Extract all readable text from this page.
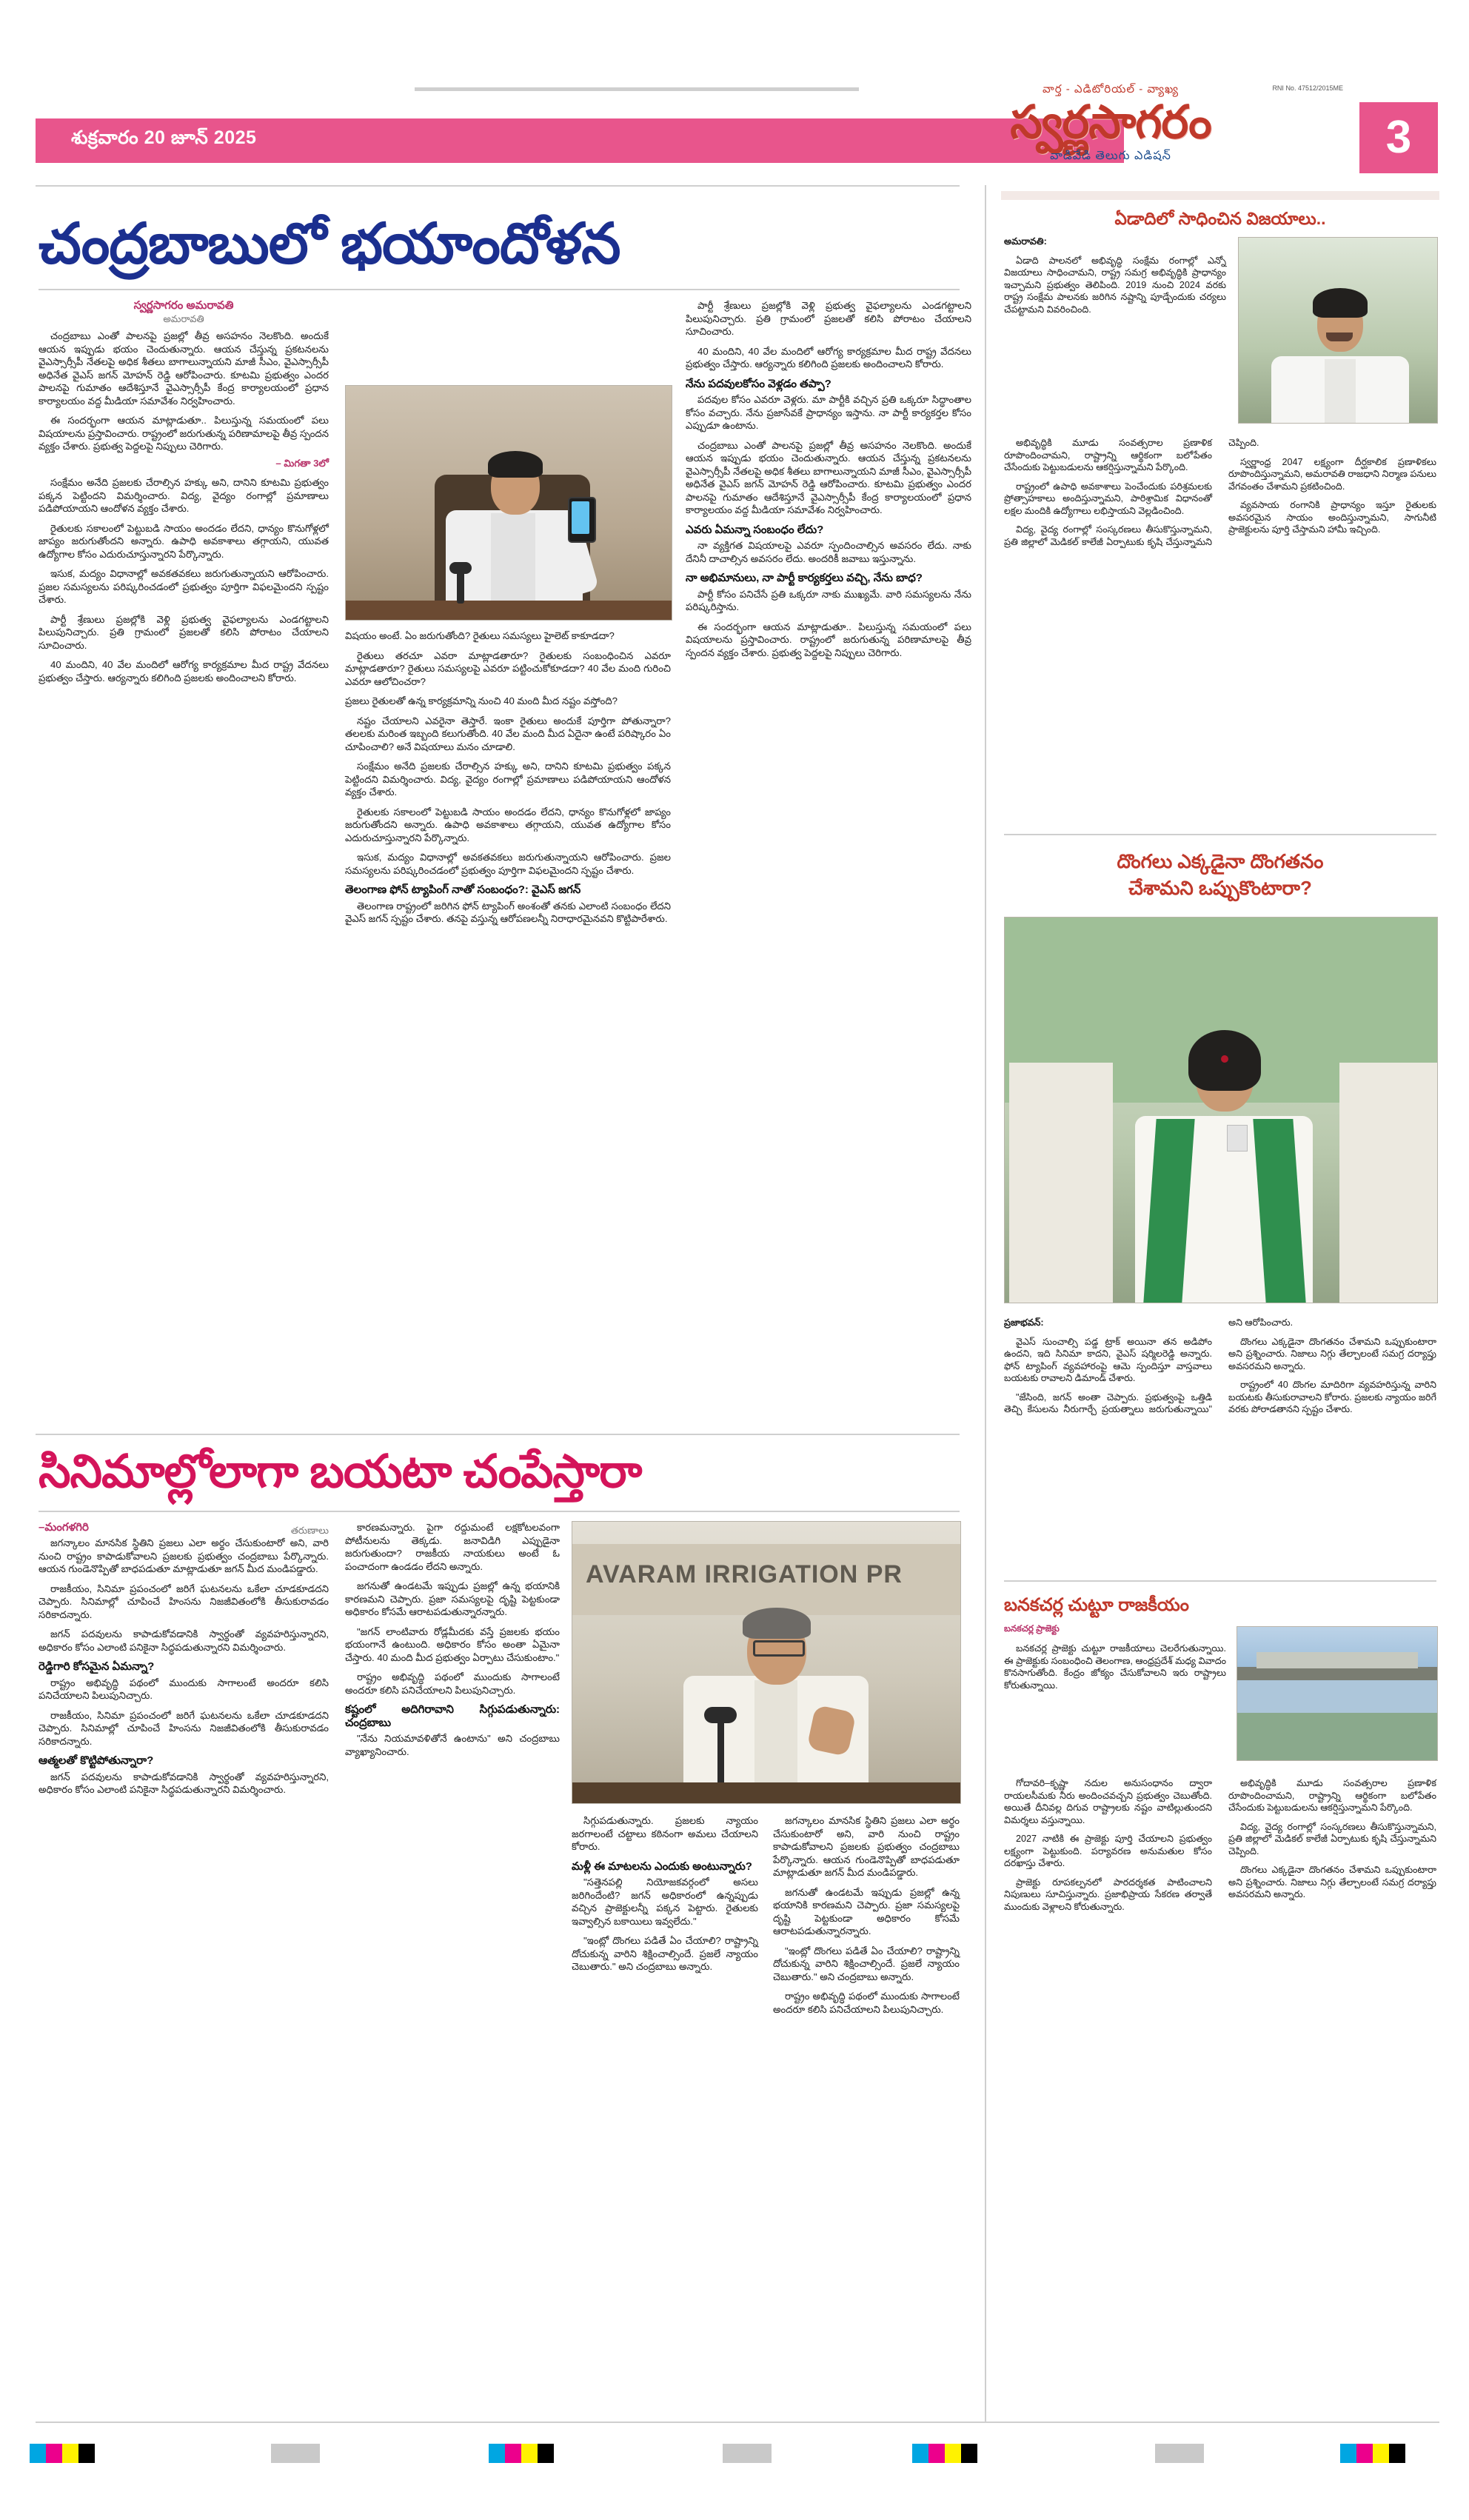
శుక్రవారం 20 జూన్ 2025
RNI No. 47512/2015ME
వార్త - ఎడిటోరియల్ - వ్యాఖ్య
స్వర్ణసాగరం
వాడివేడి తెలుగు ఎడిషన్	3
చంద్రబాబులో భయాందోళన
స్వర్ణసాగరం అమరావతి
అమరావతి

చంద్రబాబు ఎంతో పాలనపై ప్రజల్లో తీవ్ర అసహనం నెలకొంది. అందుకే ఆయన ఇప్పుడు భయం చెందుతున్నారు. ఆయన చేస్తున్న ప్రకటనలను వైఎస్సార్సీపీ నేతలపై అధిక శీతలు బాగాలున్నాయని మాజీ సీఎం, వైఎస్సార్సీపీ అధినేత వైఎస్ జగన్ మోహన్ రెడ్డి ఆరోపించారు. కూటమి ప్రభుత్వం ఎందర పాలనపై గుమాతం ఆదేశిస్తూనే వైఎస్సార్సీపీ కేంద్ర కార్యాలయంలో ప్రధాన కార్యాలయం వద్ద మీడియా సమావేశం నిర్వహించారు.

ఈ సందర్భంగా ఆయన మాట్లాడుతూ.. పిలుస్తున్న సమయంలో పలు విషయాలను ప్రస్తావించారు. రాష్ట్రంలో జరుగుతున్న పరిణామాలపై తీవ్ర స్పందన వ్యక్తం చేశారు. ప్రభుత్వ పెద్దలపై నిప్పులు చెరిగారు.

– మిగతా 3లో

సంక్షేమం అనేది ప్రజలకు చేరాల్సిన హక్కు అని, దానిని కూటమి ప్రభుత్వం పక్కన పెట్టిందని విమర్శించారు. విద్య, వైద్యం రంగాల్లో ప్రమాణాలు పడిపోయాయని ఆందోళన వ్యక్తం చేశారు.

రైతులకు సకాలంలో పెట్టుబడి సాయం అందడం లేదని, ధాన్యం కొనుగోళ్లలో జాప్యం జరుగుతోందని అన్నారు. ఉపాధి అవకాశాలు తగ్గాయని, యువత ఉద్యోగాల కోసం ఎదురుచూస్తున్నారని పేర్కొన్నారు.

ఇసుక, మద్యం విధానాల్లో అవకతవకలు జరుగుతున్నాయని ఆరోపించారు. ప్రజల సమస్యలను పరిష్కరించడంలో ప్రభుత్వం పూర్తిగా విఫలమైందని స్పష్టం చేశారు.

పార్టీ శ్రేణులు ప్రజల్లోకి వెళ్లి ప్రభుత్వ వైఫల్యాలను ఎండగట్టాలని పిలుపునిచ్చారు. ప్రతి గ్రామంలో ప్రజలతో కలిసి పోరాటం చేయాలని సూచించారు.

40 మందిని, 40 వేల మందిలో ఆరోగ్య కార్యక్రమాల మీద రాష్ట్ర వేదనలు ప్రభుత్వం చేస్తారు. ఆర్యన్నారు కలిగింది ప్రజలకు అందించాలని కోరారు.

విషయం అంటే. ఏం జరుగుతోంది? రైతులు సమస్యలు హైలెట్ కాకూడదా?

రైతులు తరచూ ఎవరా మాట్లాడతారూ? రైతులకు సంబంధించిన ఎవరూ మాట్లాడతారూ? రైతులు సమస్యలపై ఎవరూ పట్టించుకోకూడదా? 40 వేల మంది గురించి ఎవరూ ఆలోచించరా?

ప్రజలు రైతులతో ఉన్న కార్యక్రమాన్ని నుంచి 40 మంది మీద నష్టం వస్తోంది?

నష్టం చేయాలని ఎవరైనా తెస్తారే. ఇంకా రైతులు అందుకే పూర్తిగా పోతున్నారా? తలలకు మరింత ఇబ్బంది కలుగుతోంది. 40 వేల మంది మీద ఏదైనా ఉంటే పరిష్కారం ఏం చూపించాలి? అనే విషయాలు మనం చూడాలి.

సంక్షేమం అనేది ప్రజలకు చేరాల్సిన హక్కు అని, దానిని కూటమి ప్రభుత్వం పక్కన పెట్టిందని విమర్శించారు. విద్య, వైద్యం రంగాల్లో ప్రమాణాలు పడిపోయాయని ఆందోళన వ్యక్తం చేశారు.

రైతులకు సకాలంలో పెట్టుబడి సాయం అందడం లేదని, ధాన్యం కొనుగోళ్లలో జాప్యం జరుగుతోందని అన్నారు. ఉపాధి అవకాశాలు తగ్గాయని, యువత ఉద్యోగాల కోసం ఎదురుచూస్తున్నారని పేర్కొన్నారు.

ఇసుక, మద్యం విధానాల్లో అవకతవకలు జరుగుతున్నాయని ఆరోపించారు. ప్రజల సమస్యలను పరిష్కరించడంలో ప్రభుత్వం పూర్తిగా విఫలమైందని స్పష్టం చేశారు.

తెలంగాణ ఫోన్ ట్యాపింగ్ నాతో సంబంధం?: వైఎస్ జగన్

తెలంగాణ రాష్ట్రంలో జరిగిన ఫోన్ ట్యాపింగ్ అంశంతో తనకు ఎలాంటి సంబంధం లేదని వైఎస్ జగన్ స్పష్టం చేశారు. తనపై వస్తున్న ఆరోపణలన్నీ నిరాధారమైనవని కొట్టిపారేశారు.

పార్టీ శ్రేణులు ప్రజల్లోకి వెళ్లి ప్రభుత్వ వైఫల్యాలను ఎండగట్టాలని పిలుపునిచ్చారు. ప్రతి గ్రామంలో ప్రజలతో కలిసి పోరాటం చేయాలని సూచించారు.

40 మందిని, 40 వేల మందిలో ఆరోగ్య కార్యక్రమాల మీద రాష్ట్ర వేదనలు ప్రభుత్వం చేస్తారు. ఆర్యన్నారు కలిగింది ప్రజలకు అందించాలని కోరారు.

నేను పదవులకోసం వెళ్లడం తప్పా?

పదవుల కోసం ఎవరూ వెళ్లరు. మా పార్టీకి వచ్చిన ప్రతి ఒక్కరూ సిద్ధాంతాల కోసం వచ్చారు. నేను ప్రజాసేవకే ప్రాధాన్యం ఇస్తాను. నా పార్టీ కార్యకర్తల కోసం ఎప్పుడూ ఉంటాను.

చంద్రబాబు ఎంతో పాలనపై ప్రజల్లో తీవ్ర అసహనం నెలకొంది. అందుకే ఆయన ఇప్పుడు భయం చెందుతున్నారు. ఆయన చేస్తున్న ప్రకటనలను వైఎస్సార్సీపీ నేతలపై అధిక శీతలు బాగాలున్నాయని మాజీ సీఎం, వైఎస్సార్సీపీ అధినేత వైఎస్ జగన్ మోహన్ రెడ్డి ఆరోపించారు. కూటమి ప్రభుత్వం ఎందర పాలనపై గుమాతం ఆదేశిస్తూనే వైఎస్సార్సీపీ కేంద్ర కార్యాలయంలో ప్రధాన కార్యాలయం వద్ద మీడియా సమావేశం నిర్వహించారు.

ఎవరు ఏమన్నా సంబంధం లేదు?

నా వ్యక్తిగత విషయాలపై ఎవరూ స్పందించాల్సిన అవసరం లేదు. నాకు దేనినీ దాచాల్సిన అవసరం లేదు. అందరికీ జవాబు ఇస్తున్నాను.

నా అభిమానులు, నా పార్టీ కార్యకర్తలు వచ్చి, నేను బాధ?

పార్టీ కోసం పనిచేసే ప్రతి ఒక్కరూ నాకు ముఖ్యమే. వారి సమస్యలను నేను పరిష్కరిస్తాను.

ఈ సందర్భంగా ఆయన మాట్లాడుతూ.. పిలుస్తున్న సమయంలో పలు విషయాలను ప్రస్తావించారు. రాష్ట్రంలో జరుగుతున్న పరిణామాలపై తీవ్ర స్పందన వ్యక్తం చేశారు. ప్రభుత్వ పెద్దలపై నిప్పులు చెరిగారు.

సినిమాల్లోలాగా బయటా చంపేస్తారా
–మంగళగిరి	తరుణాలు

జగన్కాలం మానసిక స్థితిని ప్రజలు ఎలా అర్థం చేసుకుంటారో అని, వారి నుంచి రాష్ట్రం కాపాడుకోవాలని ప్రజలకు ప్రభుత్వం చంద్రబాబు పేర్కొన్నారు. ఆయన గుండెనొప్పితో బాధపడుతూ మాట్లాడుతూ జగన్ మీద మండిపడ్డారు.

రాజకీయం, సినిమా ప్రపంచంలో జరిగే ఘటనలను ఒకేలా చూడకూడదని చెప్పారు. సినిమాల్లో చూపించే హింసను నిజజీవితంలోకి తీసుకురావడం సరికాదన్నారు.

జగన్ పదవులను కాపాడుకోవడానికి స్వార్థంతో వ్యవహరిస్తున్నారని, అధికారం కోసం ఎలాంటి పనికైనా సిద్ధపడుతున్నారని విమర్శించారు.

రెడ్డిగారి కోసమైన ఏమన్నా?

రాష్ట్రం అభివృద్ధి పథంలో ముందుకు సాగాలంటే అందరూ కలిసి పనిచేయాలని పిలుపునిచ్చారు.

రాజకీయం, సినిమా ప్రపంచంలో జరిగే ఘటనలను ఒకేలా చూడకూడదని చెప్పారు. సినిమాల్లో చూపించే హింసను నిజజీవితంలోకి తీసుకురావడం సరికాదన్నారు.

ఆత్మలతో కొట్టిపోతున్నారా?

జగన్ పదవులను కాపాడుకోవడానికి స్వార్థంతో వ్యవహరిస్తున్నారని, అధికారం కోసం ఎలాంటి పనికైనా సిద్ధపడుతున్నారని విమర్శించారు.

కారణమన్నారు. పైగా రద్దుమంటే లక్షకోటలవంగా పోటీనులను తెక్కడు. జనావిడిగి ఎప్పుడైనా జరుగుతుందా? రాజకీయ నాయకులు అంటే ఓ పంచాదంగా ఉండడం లేదని అన్నారు.

జగనుతో ఉండటమే ఇప్పుడు ప్రజల్లో ఉన్న భయానికి కారణమని చెప్పారు. ప్రజా సమస్యలపై దృష్టి పెట్టకుండా అధికారం కోసమే ఆరాటపడుతున్నారన్నారు.

"జగన్ లాంటివారు రోడ్లమీదకు వస్తే ప్రజలకు భయం భయంగానే ఉంటుంది. అధికారం కోసం అంతా ఏమైనా చేస్తారు. 40 మంది మీద ప్రభుత్వం ఏర్పాటు చేసుకుంటాం."

రాష్ట్రం అభివృద్ధి పథంలో ముందుకు సాగాలంటే అందరూ కలిసి పనిచేయాలని పిలుపునిచ్చారు.

కష్టంలో అదిగిరావాని సిగ్గుపడుతున్నారు: చంద్రబాబు

"నేను నియమావళితోనే ఉంటాను" అని చంద్రబాబు వ్యాఖ్యానించారు.

AVARAM IRRIGATION PR

సిగ్గుపడుతున్నారు. ప్రజలకు న్యాయం జరగాలంటే చట్టాలు కఠినంగా అమలు చేయాలని కోరారు.

మళ్లీ ఈ మాటలను ఎందుకు అంటున్నారు?

"సత్తెనపల్లి నియోజకవర్గంలో అసలు జరిగిందేంటి? జగన్ అధికారంలో ఉన్నప్పుడు వచ్చిన ప్రాజెక్టులన్నీ పక్కన పెట్టారు. రైతులకు ఇవ్వాల్సిన బకాయిలు ఇవ్వలేదు."

"ఇంట్లో దొంగలు పడితే ఏం చేయాలి? రాష్ట్రాన్ని దోచుకున్న వారిని శిక్షించాల్సిందే. ప్రజలే న్యాయం చెబుతారు." అని చంద్రబాబు అన్నారు.

జగన్కాలం మానసిక స్థితిని ప్రజలు ఎలా అర్థం చేసుకుంటారో అని, వారి నుంచి రాష్ట్రం కాపాడుకోవాలని ప్రజలకు ప్రభుత్వం చంద్రబాబు పేర్కొన్నారు. ఆయన గుండెనొప్పితో బాధపడుతూ మాట్లాడుతూ జగన్ మీద మండిపడ్డారు.

జగనుతో ఉండటమే ఇప్పుడు ప్రజల్లో ఉన్న భయానికి కారణమని చెప్పారు. ప్రజా సమస్యలపై దృష్టి పెట్టకుండా అధికారం కోసమే ఆరాటపడుతున్నారన్నారు.

"ఇంట్లో దొంగలు పడితే ఏం చేయాలి? రాష్ట్రాన్ని దోచుకున్న వారిని శిక్షించాల్సిందే. ప్రజలే న్యాయం చెబుతారు." అని చంద్రబాబు అన్నారు.

రాష్ట్రం అభివృద్ధి పథంలో ముందుకు సాగాలంటే అందరూ కలిసి పనిచేయాలని పిలుపునిచ్చారు.

ఏడాదిలో సాధించిన విజయాలు..

అమరావతి:

ఏడాది పాలనలో అభివృద్ధి సంక్షేమ రంగాల్లో ఎన్నో విజయాలు సాధించామని, రాష్ట్ర సమగ్ర అభివృద్ధికి ప్రాధాన్యం ఇచ్చామని ప్రభుత్వం తెలిపింది. 2019 నుంచి 2024 వరకు రాష్ట్ర సంక్షేమ పాలనకు జరిగిన నష్టాన్ని పూడ్చేందుకు చర్యలు చేపట్టామని వివరించింది.

అభివృద్ధికి మూడు సంవత్సరాల ప్రణాళిక రూపొందించామని, రాష్ట్రాన్ని ఆర్థికంగా బలోపేతం చేసేందుకు పెట్టుబడులను ఆకర్షిస్తున్నామని పేర్కొంది.

రాష్ట్రంలో ఉపాధి అవకాశాలు పెంచేందుకు పరిశ్రమలకు ప్రోత్సాహకాలు అందిస్తున్నామని, పారిశ్రామిక విధానంతో లక్షల మందికి ఉద్యోగాలు లభిస్తాయని వెల్లడించింది.

విద్య, వైద్య రంగాల్లో సంస్కరణలు తీసుకొస్తున్నామని, ప్రతి జిల్లాలో మెడికల్ కాలేజీ ఏర్పాటుకు కృషి చేస్తున్నామని చెప్పింది.

స్వర్ణాంధ్ర 2047 లక్ష్యంగా దీర్ఘకాలిక ప్రణాళికలు రూపొందిస్తున్నామని, అమరావతి రాజధాని నిర్మాణ పనులు వేగవంతం చేశామని ప్రకటించింది.

వ్యవసాయ రంగానికి ప్రాధాన్యం ఇస్తూ రైతులకు అవసరమైన సాయం అందిస్తున్నామని, సాగునీటి ప్రాజెక్టులను పూర్తి చేస్తామని హామీ ఇచ్చింది.

దొంగలు ఎక్కడైనా దొంగతనం
చేశామని ఒప్పుకొంటారా?

ప్రజాభవన్:

వైఎస్ సుంచాల్సి పడ్డ ట్రాక్ అయినా తన అడిపోం ఉందని, ఇది సినిమా కాదని, వైఎస్ షర్మిలరెడ్డి అన్నారు. ఫోన్ ట్యాపింగ్ వ్యవహారంపై ఆమె స్పందిస్తూ వాస్తవాలు బయటకు రావాలని డిమాండ్ చేశారు.

"జేసింది, జగన్ అంతా చెప్పారు. ప్రభుత్వంపై ఒత్తిడి తెచ్చి కేసులను నీరుగార్చే ప్రయత్నాలు జరుగుతున్నాయి" అని ఆరోపించారు.

దొంగలు ఎక్కడైనా దొంగతనం చేశామని ఒప్పుకుంటారా అని ప్రశ్నించారు. నిజాలు నిగ్గు తేల్చాలంటే సమగ్ర దర్యాప్తు అవసరమని అన్నారు.

రాష్ట్రంలో 40 దొంగల మాదిరిగా వ్యవహరిస్తున్న వారిని బయటకు తీసుకురావాలని కోరారు. ప్రజలకు న్యాయం జరిగే వరకు పోరాడతానని స్పష్టం చేశారు.

బనకచర్ల చుట్టూ రాజకీయం
బనకచర్ల ప్రాజెక్టు

బనకచర్ల ప్రాజెక్టు చుట్టూ రాజకీయాలు చెలరేగుతున్నాయి. ఈ ప్రాజెక్టుకు సంబంధించి తెలంగాణ, ఆంధ్రప్రదేశ్ మధ్య వివాదం కొనసాగుతోంది. కేంద్రం జోక్యం చేసుకోవాలని ఇరు రాష్ట్రాలు కోరుతున్నాయి.

గోదావరి–కృష్ణా నదుల అనుసంధానం ద్వారా రాయలసీమకు నీరు అందించవచ్చని ప్రభుత్వం చెబుతోంది. అయితే దీనివల్ల దిగువ రాష్ట్రాలకు నష్టం వాటిల్లుతుందని విమర్శలు వస్తున్నాయి.

2027 నాటికి ఈ ప్రాజెక్టు పూర్తి చేయాలని ప్రభుత్వం లక్ష్యంగా పెట్టుకుంది. పర్యావరణ అనుమతుల కోసం దరఖాస్తు చేశారు.

ప్రాజెక్టు రూపకల్పనలో పారదర్శకత పాటించాలని నిపుణులు సూచిస్తున్నారు. ప్రజాభిప్రాయ సేకరణ తర్వాతే ముందుకు వెళ్లాలని కోరుతున్నారు.

అభివృద్ధికి మూడు సంవత్సరాల ప్రణాళిక రూపొందించామని, రాష్ట్రాన్ని ఆర్థికంగా బలోపేతం చేసేందుకు పెట్టుబడులను ఆకర్షిస్తున్నామని పేర్కొంది.

విద్య, వైద్య రంగాల్లో సంస్కరణలు తీసుకొస్తున్నామని, ప్రతి జిల్లాలో మెడికల్ కాలేజీ ఏర్పాటుకు కృషి చేస్తున్నామని చెప్పింది.

దొంగలు ఎక్కడైనా దొంగతనం చేశామని ఒప్పుకుంటారా అని ప్రశ్నించారు. నిజాలు నిగ్గు తేల్చాలంటే సమగ్ర దర్యాప్తు అవసరమని అన్నారు.
